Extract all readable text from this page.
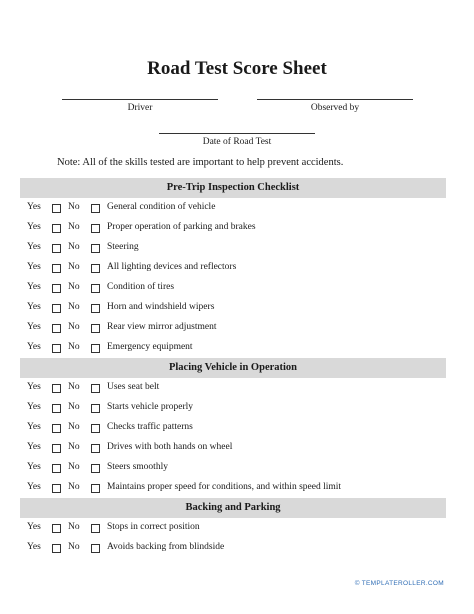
Road Test Score Sheet
Driver	Observed by
Date of Road Test
Note: All of the skills tested are important to help prevent accidents.
Pre-Trip Inspection Checklist
Yes	No	General condition of vehicle
Yes	No	Proper operation of parking and brakes
Yes	No	Steering
Yes	No	All lighting devices and reflectors
Yes	No	Condition of tires
Yes	No	Horn and windshield wipers
Yes	No	Rear view mirror adjustment
Yes	No	Emergency equipment
Placing Vehicle in Operation
Yes	No	Uses seat belt
Yes	No	Starts vehicle properly
Yes	No	Checks traffic patterns
Yes	No	Drives with both hands on wheel
Yes	No	Steers smoothly
Yes	No	Maintains proper speed for conditions, and within speed limit
Backing and Parking
Yes	No	Stops in correct position
Yes	No	Avoids backing from blindside
© TEMPLATEROLLER.COM
